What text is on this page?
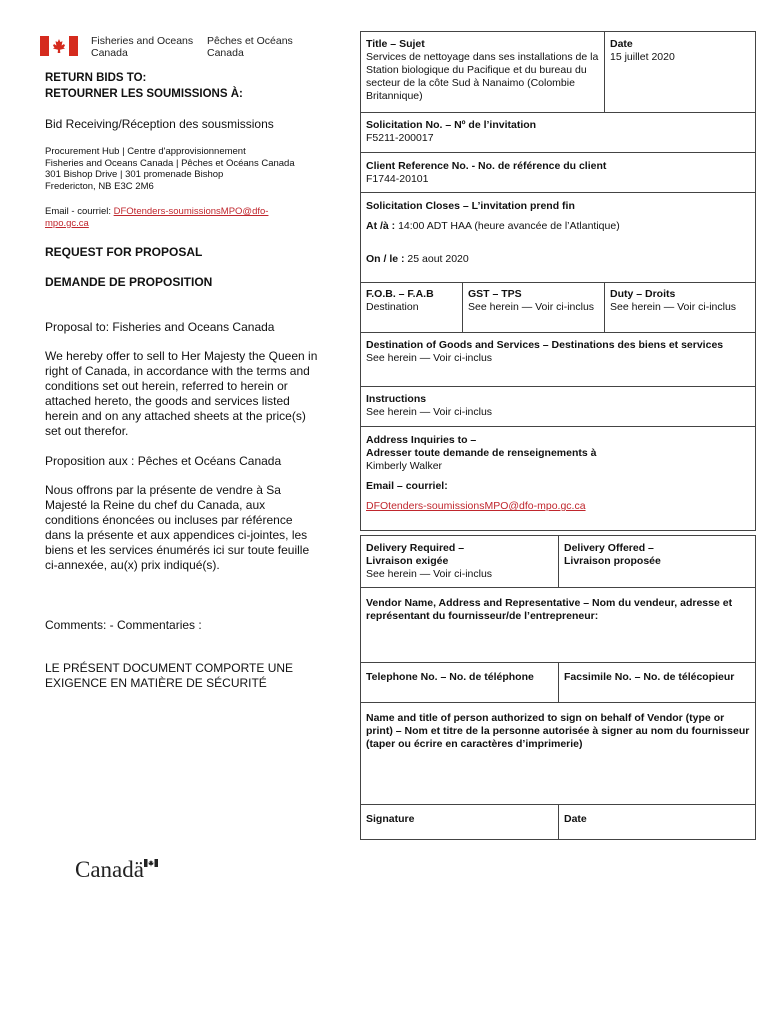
Fisheries and Oceans
Canada
Pêches et Océans
Canada
RETURN BIDS TO:
RETOURNER LES SOUMISSIONS À:
Bid Receiving/Réception des sousmissions
Procurement Hub | Centre d'approvisionnement
Fisheries and Oceans Canada | Pêches et Océans Canada
301 Bishop Drive | 301 promenade Bishop
Fredericton, NB E3C 2M6
Email - courriel: DFOtenders-soumissionsMPO@dfo-
mpo.gc.ca
REQUEST FOR PROPOSAL
DEMANDE DE PROPOSITION
Proposal to: Fisheries and Oceans Canada
We hereby offer to sell to Her Majesty the Queen in right of Canada, in accordance with the terms and conditions set out herein, referred to herein or attached hereto, the goods and services listed herein and on any attached sheets at the price(s) set out therefor.
Proposition aux : Pêches et Océans Canada
Nous offrons par la présente de vendre à Sa Majesté la Reine du chef du Canada, aux conditions énoncées ou incluses par référence dans la présente et aux appendices ci-jointes, les biens et les services énumérés ici sur toute feuille ci-annexée, au(x) prix indiqué(s).
Comments: - Commentaries :
LE PRÉSENT DOCUMENT COMPORTE UNE
EXIGENCE EN MATIÈRE DE SÉCURITÉ
Title – Sujet
Services de nettoyage dans ses installations de la Station biologique du Pacifique et du bureau du secteur de la côte Sud à Nanaimo (Colombie Britannique)
Date
15 juillet 2020
Solicitation No. – Nº de l’invitation
F5211-200017
Client Reference No. - No. de référence du client
F1744-20101
Solicitation Closes – L’invitation prend fin
At /à : 14:00 ADT HAA (heure avancée de l’Atlantique)
On / le : 25 aout 2020
F.O.B. – F.A.B
Destination
GST – TPS
See herein — Voir ci-inclus
Duty – Droits
See herein — Voir ci-inclus
Destination of Goods and Services – Destinations des biens et services
See herein — Voir ci-inclus
Instructions
See herein — Voir ci-inclus
Address Inquiries to –
Adresser toute demande de renseignements à
Kimberly Walker
Email – courriel:
DFOtenders-soumissionsMPO@dfo-mpo.gc.ca
Delivery Required –
Livraison exigée
See herein — Voir ci-inclus
Delivery Offered –
Livraison proposée
Vendor Name, Address and Representative – Nom du vendeur, adresse et représentant du fournisseur/de l’entrepreneur:
Telephone No. – No. de téléphone	Facsimile No. – No. de télécopieur
Name and title of person authorized to sign on behalf of Vendor (type or print) – Nom et titre de la personne autorisée à signer au nom du fournisseur (taper ou écrire en caractères d’imprimerie)
Signature	Date
Canadä
